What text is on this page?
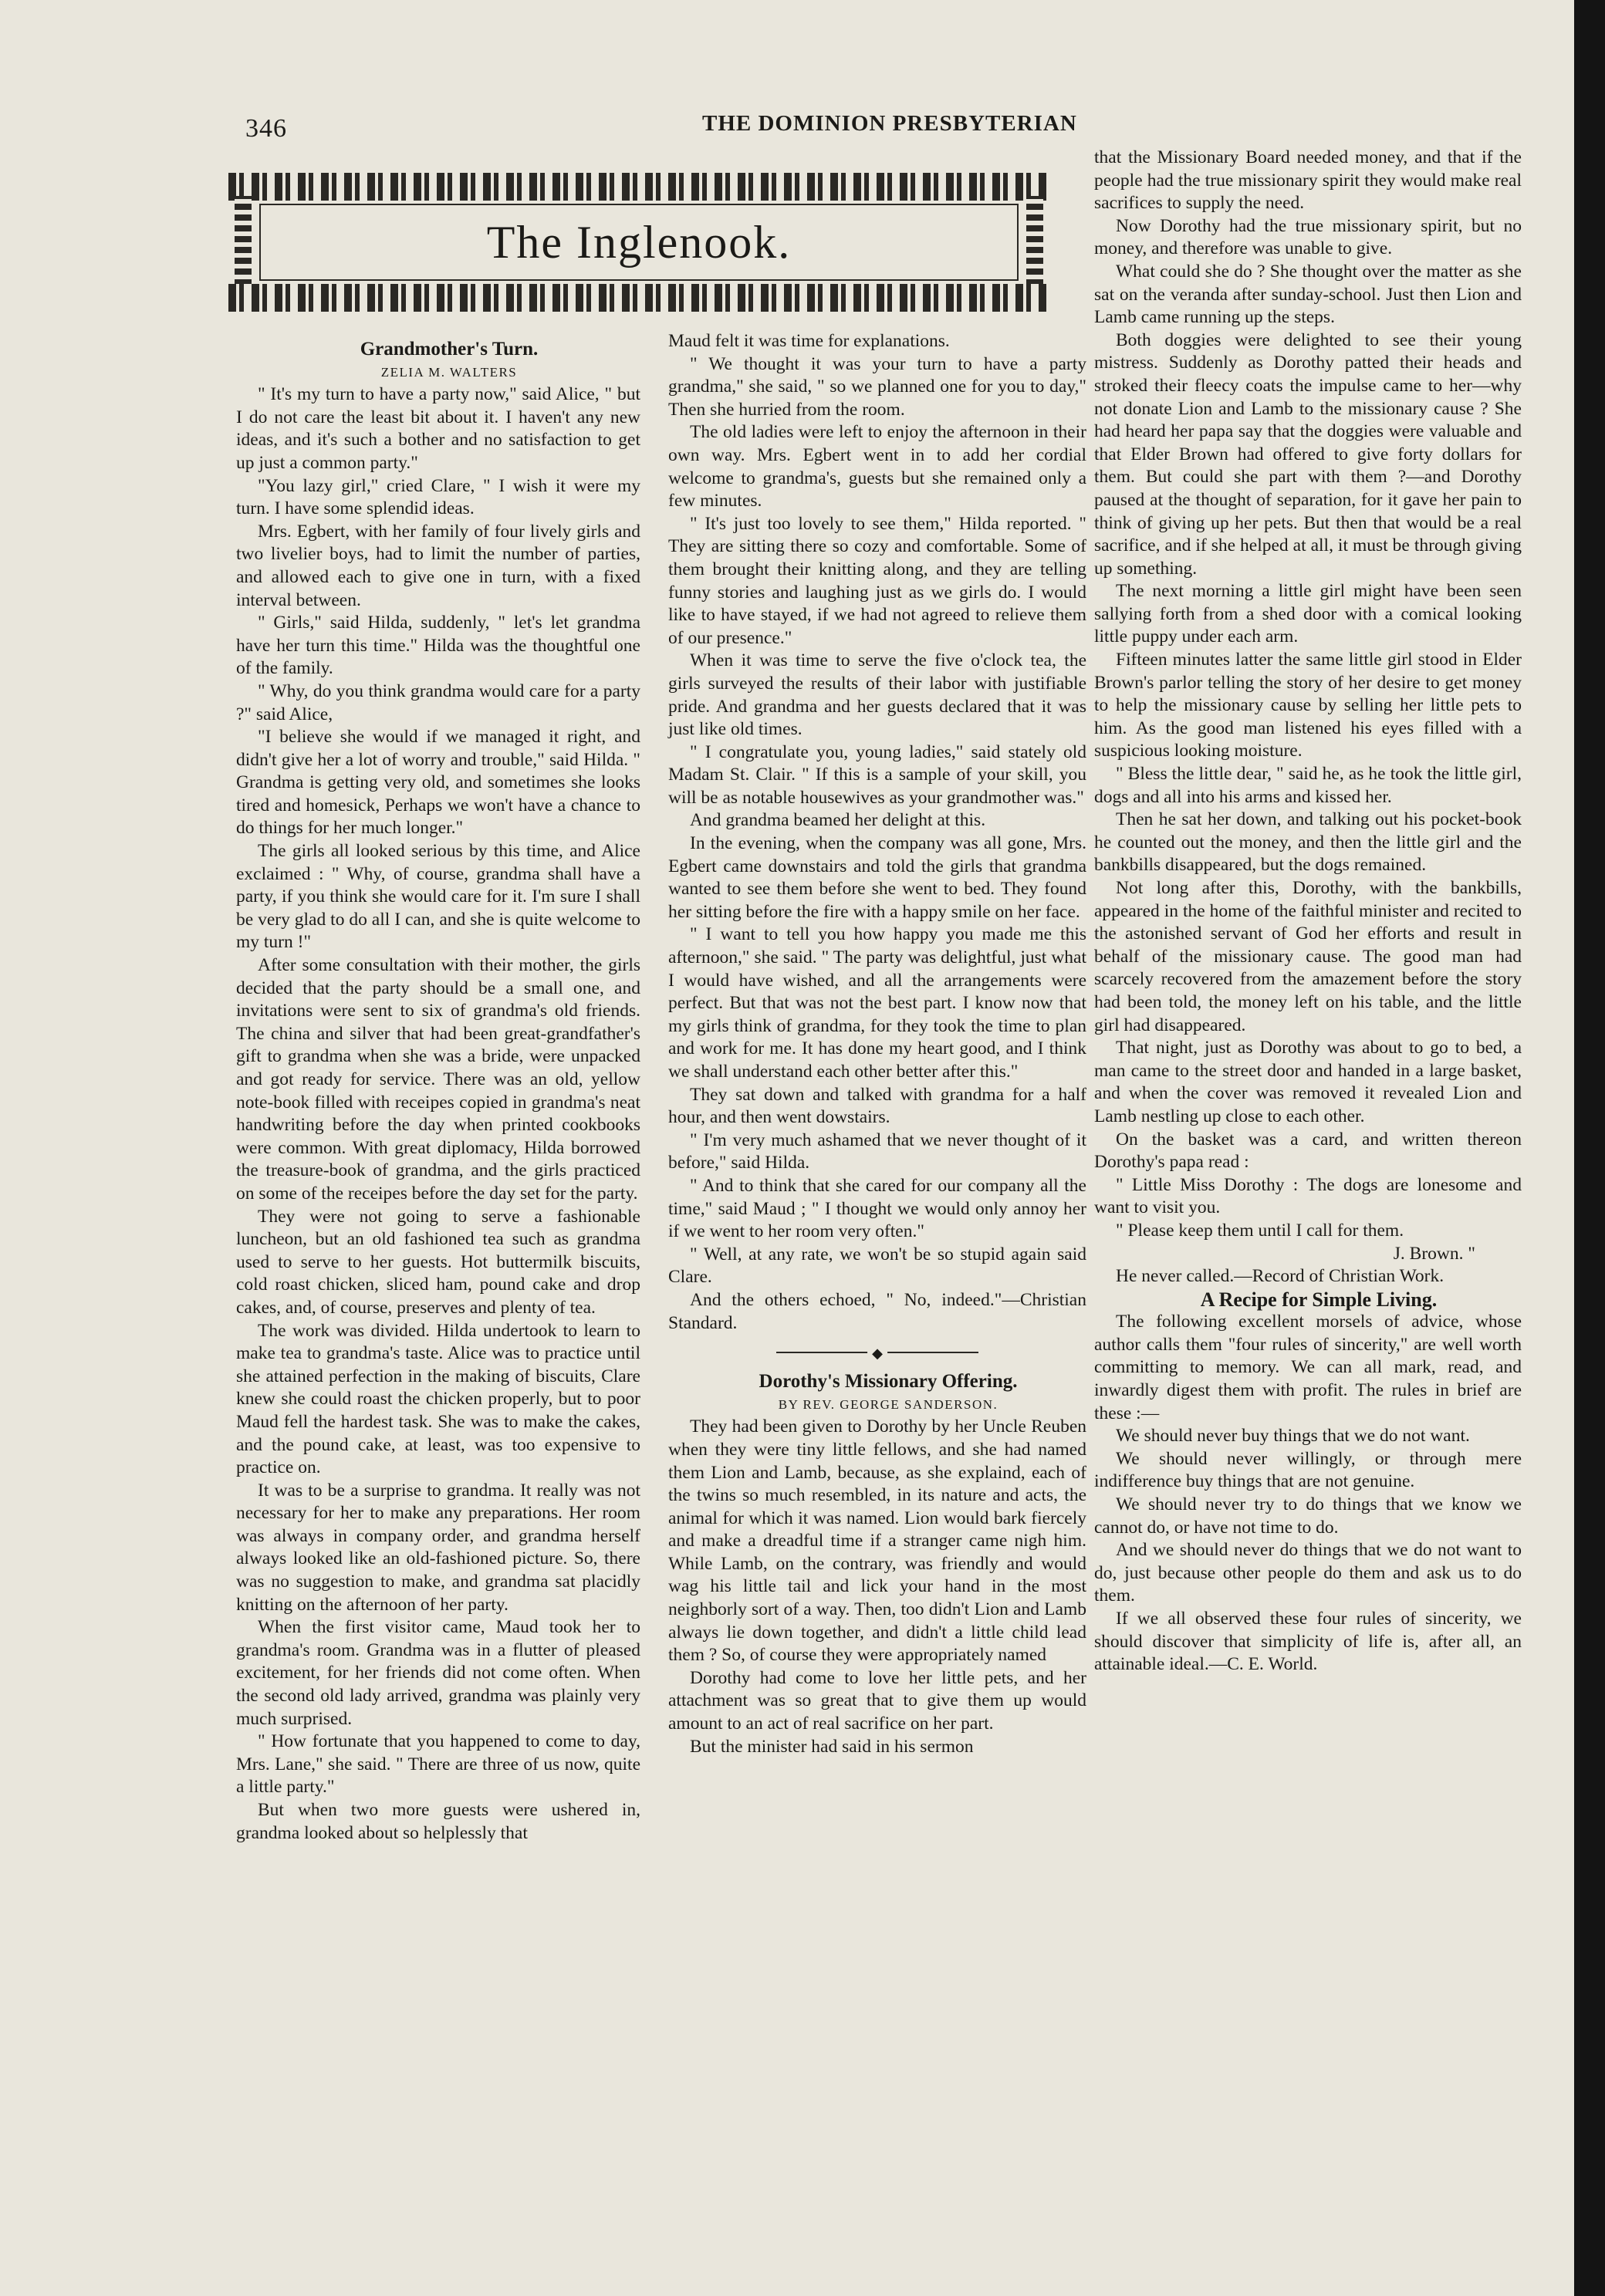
346	THE DOMINION PRESBYTERIAN
The Inglenook.

Grandmother's Turn.

ZELIA M. WALTERS

" It's my turn to have a party now," said Alice, " but I do not care the least bit about it. I haven't any new ideas, and it's such a bother and no satisfaction to get up just a common party."

"You lazy girl," cried Clare, " I wish it were my turn. I have some splendid ideas.

Mrs. Egbert, with her family of four lively girls and two livelier boys, had to limit the number of parties, and allowed each to give one in turn, with a fixed interval between.

" Girls," said Hilda, suddenly, " let's let grandma have her turn this time." Hilda was the thoughtful one of the family.

" Why, do you think grandma would care for a party ?" said Alice,

"I believe she would if we managed it right, and didn't give her a lot of worry and trouble," said Hilda. " Grandma is getting very old, and sometimes she looks tired and homesick, Perhaps we won't have a chance to do things for her much longer."

The girls all looked serious by this time, and Alice exclaimed : " Why, of course, grandma shall have a party, if you think she would care for it. I'm sure I shall be very glad to do all I can, and she is quite welcome to my turn !"

After some consultation with their mother, the girls decided that the party should be a small one, and invitations were sent to six of grandma's old friends. The china and silver that had been great-grandfather's gift to grandma when she was a bride, were unpacked and got ready for service. There was an old, yellow note-book filled with receipes copied in grandma's neat handwriting before the day when printed cookbooks were common. With great diplomacy, Hilda borrowed the treasure-book of grandma, and the girls practiced on some of the receipes before the day set for the party.

They were not going to serve a fashionable luncheon, but an old fashioned tea such as grandma used to serve to her guests. Hot buttermilk biscuits, cold roast chicken, sliced ham, pound cake and drop cakes, and, of course, preserves and plenty of tea.

The work was divided. Hilda undertook to learn to make tea to grandma's taste. Alice was to practice until she attained perfection in the making of biscuits, Clare knew she could roast the chicken properly, but to poor Maud fell the hardest task. She was to make the cakes, and the pound cake, at least, was too expensive to practice on.

It was to be a surprise to grandma. It really was not necessary for her to make any preparations. Her room was always in company order, and grandma herself always looked like an old-fashioned picture. So, there was no suggestion to make, and grandma sat placidly knitting on the afternoon of her party.

When the first visitor came, Maud took her to grandma's room. Grandma was in a flutter of pleased excitement, for her friends did not come often. When the second old lady arrived, grandma was plainly very much surprised.

" How fortunate that you happened to come to day, Mrs. Lane," she said. " There are three of us now, quite a little party."

But when two more guests were ushered in, grandma looked about so helplessly that

Maud felt it was time for explanations.

" We thought it was your turn to have a party grandma," she said, " so we planned one for you to day," Then she hurried from the room.

The old ladies were left to enjoy the afternoon in their own way. Mrs. Egbert went in to add her cordial welcome to grandma's, guests but she remained only a few minutes.

" It's just too lovely to see them," Hilda reported. " They are sitting there so cozy and comfortable. Some of them brought their knitting along, and they are telling funny stories and laughing just as we girls do. I would like to have stayed, if we had not agreed to relieve them of our presence."

When it was time to serve the five o'clock tea, the girls surveyed the results of their labor with justifiable pride. And grandma and her guests declared that it was just like old times.

" I congratulate you, young ladies," said stately old Madam St. Clair. " If this is a sample of your skill, you will be as notable housewives as your grandmother was."

And grandma beamed her delight at this.

In the evening, when the company was all gone, Mrs. Egbert came downstairs and told the girls that grandma wanted to see them before she went to bed. They found her sitting before the fire with a happy smile on her face.

" I want to tell you how happy you made me this afternoon," she said. " The party was delightful, just what I would have wished, and all the arrangements were perfect. But that was not the best part. I know now that my girls think of grandma, for they took the time to plan and work for me. It has done my heart good, and I think we shall understand each other better after this."

They sat down and talked with grandma for a half hour, and then went dowstairs.

" I'm very much ashamed that we never thought of it before," said Hilda.

" And to think that she cared for our company all the time," said Maud ; " I thought we would only annoy her if we went to her room very often."

" Well, at any rate, we won't be so stupid again said Clare.

And the others echoed, " No, indeed."—Christian Standard.

◆

Dorothy's Missionary Offering.

BY REV. GEORGE SANDERSON.

They had been given to Dorothy by her Uncle Reuben when they were tiny little fellows, and she had named them Lion and Lamb, because, as she explaind, each of the twins so much resembled, in its nature and acts, the animal for which it was named. Lion would bark fiercely and make a dreadful time if a stranger came nigh him. While Lamb, on the contrary, was friendly and would wag his little tail and lick your hand in the most neighborly sort of a way. Then, too didn't Lion and Lamb always lie down together, and didn't a little child lead them ? So, of course they were appropriately named

Dorothy had come to love her little pets, and her attachment was so great that to give them up would amount to an act of real sacrifice on her part.

But the minister had said in his sermon

that the Missionary Board needed money, and that if the people had the true missionary spirit they would make real sacrifices to supply the need.

Now Dorothy had the true missionary spirit, but no money, and therefore was unable to give.

What could she do ? She thought over the matter as she sat on the veranda after sunday-school. Just then Lion and Lamb came running up the steps.

Both doggies were delighted to see their young mistress. Suddenly as Dorothy patted their heads and stroked their fleecy coats the impulse came to her—why not donate Lion and Lamb to the missionary cause ? She had heard her papa say that the doggies were valuable and that Elder Brown had offered to give forty dollars for them. But could she part with them ?—and Dorothy paused at the thought of separation, for it gave her pain to think of giving up her pets. But then that would be a real sacrifice, and if she helped at all, it must be through giving up something.

The next morning a little girl might have been seen sallying forth from a shed door with a comical looking little puppy under each arm.

Fifteen minutes latter the same little girl stood in Elder Brown's parlor telling the story of her desire to get money to help the missionary cause by selling her little pets to him. As the good man listened his eyes filled with a suspicious looking moisture.

" Bless the little dear, " said he, as he took the little girl, dogs and all into his arms and kissed her.

Then he sat her down, and talking out his pocket-book he counted out the money, and then the little girl and the bankbills disappeared, but the dogs remained.

Not long after this, Dorothy, with the bankbills, appeared in the home of the faithful minister and recited to the astonished servant of God her efforts and result in behalf of the missionary cause. The good man had scarcely recovered from the amazement before the story had been told, the money left on his table, and the little girl had disappeared.

That night, just as Dorothy was about to go to bed, a man came to the street door and handed in a large basket, and when the cover was removed it revealed Lion and Lamb nestling up close to each other.

On the basket was a card, and written thereon Dorothy's papa read :

" Little Miss Dorothy : The dogs are lonesome and want to visit you.

" Please keep them until I call for them.

J. Brown. "

He never called.—Record of Christian Work.

A Recipe for Simple Living.

The following excellent morsels of advice, whose author calls them "four rules of sincerity," are well worth committing to memory. We can all mark, read, and inwardly digest them with profit. The rules in brief are these :—

We should never buy things that we do not want.

We should never willingly, or through mere indifference buy things that are not genuine.

We should never try to do things that we know we cannot do, or have not time to do.

And we should never do things that we do not want to do, just because other people do them and ask us to do them.

If we all observed these four rules of sincerity, we should discover that simplicity of life is, after all, an attainable ideal.—C. E. World.
